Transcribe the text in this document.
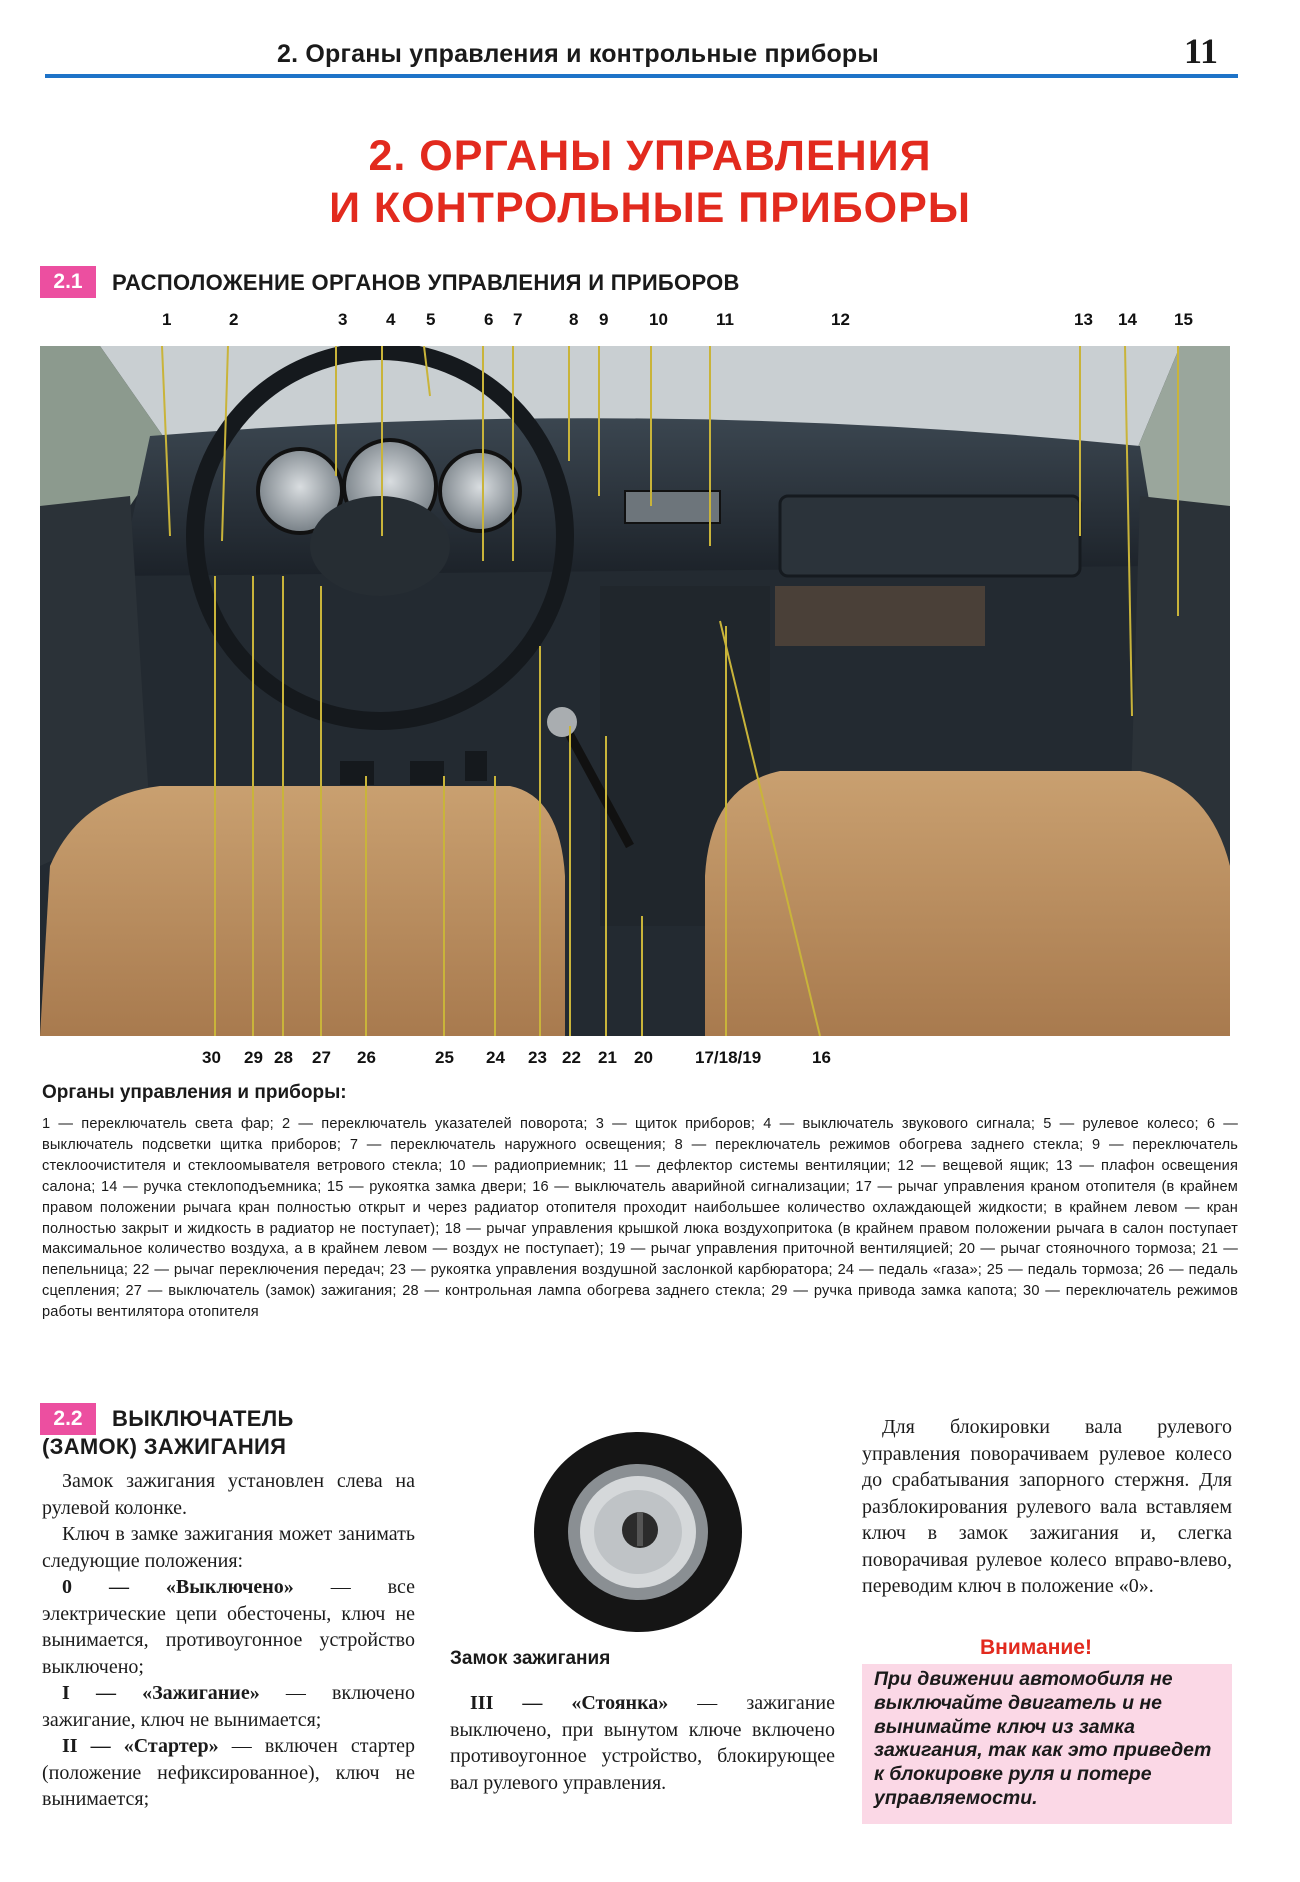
2. Органы управления и контрольные приборы	11
2. ОРГАНЫ УПРАВЛЕНИЯ
И КОНТРОЛЬНЫЕ ПРИБОРЫ
2.1	РАСПОЛОЖЕНИЕ ОРГАНОВ УПРАВЛЕНИЯ И ПРИБОРОВ
1	2	3 4 5	6 7	8 9 10	11	12	13 14 15
30 29 28 27 26	25 24 23 22 21 20 17/18/19	16
Органы управления и приборы:
1 — переключатель света фар; 2 — переключатель указателей поворота; 3 — щиток приборов; 4 — выключатель звукового сигнала; 5 — рулевое колесо; 6 — выключатель подсветки щитка приборов; 7 — переключатель наружного освещения; 8 — переключатель режимов обогрева заднего стекла; 9 — переключатель стеклоочистителя и стеклоомывателя ветрового стекла; 10 — радиоприемник; 11 — дефлектор системы вентиляции; 12 — вещевой ящик; 13 — плафон освещения салона; 14 — ручка стеклоподъемника; 15 — рукоятка замка двери; 16 — выключатель аварийной сигнализации; 17 — рычаг управления краном отопителя (в крайнем правом положении рычага кран полностью открыт и через радиатор отопителя проходит наибольшее количество охлаждающей жидкости; в крайнем левом — кран полностью закрыт и жидкость в радиатор не поступает); 18 — рычаг управления крышкой люка воздухопритока (в крайнем правом положении рычага в салон поступает максимальное количество воздуха, а в крайнем левом — воздух не поступает); 19 — рычаг управления приточной вентиляцией; 20 — рычаг стояночного тормоза; 21 — пепельница; 22 — рычаг переключения передач; 23 — рукоятка управления воздушной заслонкой карбюратора; 24 — педаль «газа»; 25 — педаль тормоза; 26 — педаль сцепления; 27 — выключатель (замок) зажигания; 28 — контрольная лампа обогрева заднего стекла; 29 — ручка привода замка капота; 30 — переключатель режимов работы вентилятора отопителя
2.2	ВЫКЛЮЧАТЕЛЬ
(ЗАМОК) ЗАЖИГАНИЯ

Замок зажигания установлен слева на рулевой колонке.

Ключ в замке зажигания может занимать следующие положения:

0 — «Выключено» — все электрические цепи обесточены, ключ не вынимается, противоугонное устройство выключено;

I — «Зажигание» — включено зажигание, ключ не вынимается;

II — «Стартер» — включен стартер (положение нефиксированное), ключ не вынимается;

Замок зажигания

III — «Стоянка» — зажигание выключено, при вынутом ключе включено противоугонное устройство, блокирующее вал рулевого управления.

Для блокировки вала рулевого управления поворачиваем рулевое колесо до срабатывания запорного стержня. Для разблокирования рулевого вала вставляем ключ в замок зажигания и, слегка поворачивая рулевое колесо вправо-влево, переводим ключ в положение «0».

Внимание!
При движении автомобиля не выключайте двигатель и не вынимайте ключ из замка зажигания, так как это приведет к блокировке руля и потере управляемости.
